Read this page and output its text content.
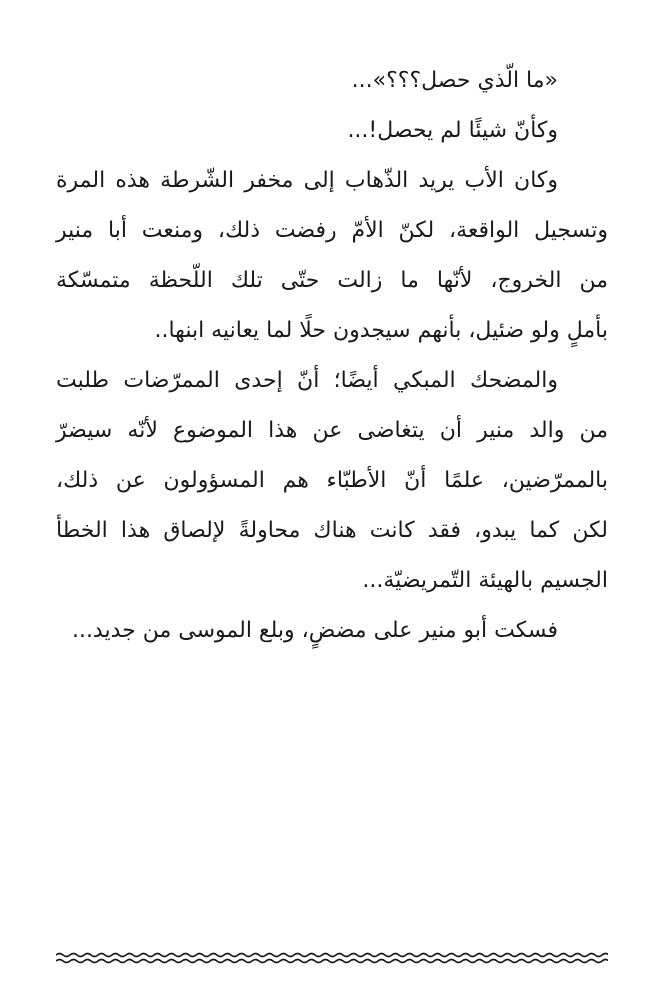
«ما الّذي حصل؟؟؟»...

وكأنّ شيئًا لم يحصل!...

وكان الأب يريد الذّهاب إلى مخفر الشّرطة هذه المرة
وتسجيل الواقعة، لكنّ الأمّ رفضت ذلك، ومنعت أبا منير
من الخروج، لأنّها ما زالت حتّى تلك اللّحظة متمسّكة
بأملٍ ولو ضئيل، بأنهم سيجدون حلًا لما يعانيه ابنها..

والمضحك المبكي أيضًا؛ أنّ إحدى الممرّضات طلبت
من والد منير أن يتغاضى عن هذا الموضوع لأنّه سيضرّ
بالممرّضين، علمًا أنّ الأطبّاء هم المسؤولون عن ذلك،
لكن كما يبدو، فقد كانت هناك محاولةً لإلصاق هذا الخطأ
الجسيم بالهيئة التّمريضيّة...

فسكت أبو منير على مضضٍ، وبلع الموسى من جديد...
